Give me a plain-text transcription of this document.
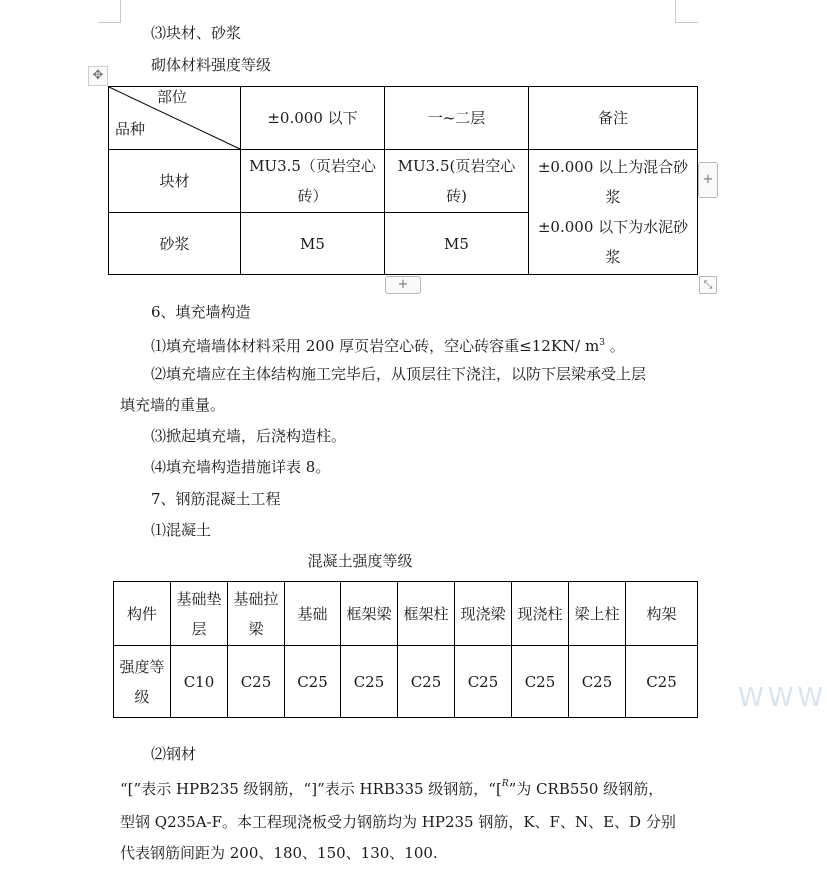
⑶块材、砂浆
砌体材料强度等级
✥
部位
品种	±0.000 以下	一~二层	备注
块材	MU3.5（页岩空心砖）	MU3.5(页岩空心砖)	±0.000 以上为混合砂浆
±0.000 以下为水泥砂浆

砂浆	M5	M5	
+
+	⤡
6、填充墙构造
⑴填充墙墙体材料采用 200 厚页岩空心砖，空心砖容重≤12KN/ $m^3$ 。
⑵填充墙应在主体结构施工完毕后，从顶层往下浇注，以防下层梁承受上层
填充墙的重量。
⑶掀起填充墙，后浇构造柱。
⑷填充墙构造措施详表 8。
7、钢筋混凝土工程
⑴混凝土
混凝土强度等级
构件	基础垫层	基础拉梁	基础	框架梁	框架柱	现浇梁	现浇柱	梁上柱	构架
强度等级	C10	C25	C25	C25	C25	C25	C25	C25	C25
WWW
⑵钢材
“[”表示 HPB235 级钢筋，“]”表示 HRB335 级钢筋，“[$^R$”为 CRB550 级钢筋，
型钢 Q235A-F。本工程现浇板受力钢筋均为 HP235 钢筋，K、F、N、E、D 分别
代表钢筋间距为 200、180、150、130、100.
